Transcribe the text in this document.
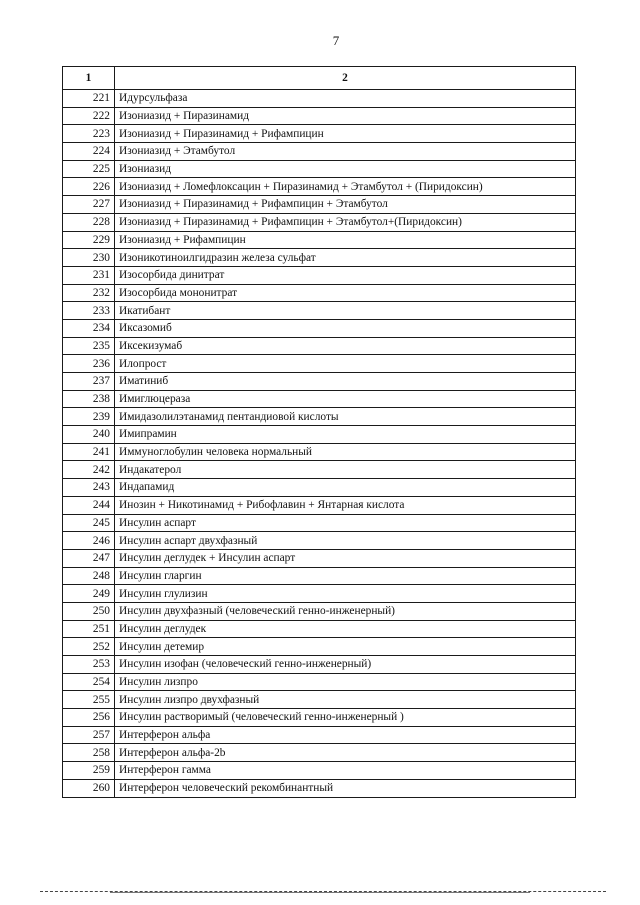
7
1	2
221	Идурсульфаза
222	Изониазид + Пиразинамид
223	Изониазид + Пиразинамид + Рифампицин
224	Изониазид + Этамбутол
225	Изониазид
226	Изониазид + Ломефлоксацин + Пиразинамид + Этамбутол + (Пиридоксин)
227	Изониазид + Пиразинамид + Рифампицин + Этамбутол
228	Изониазид + Пиразинамид + Рифампицин + Этамбутол+(Пиридоксин)
229	Изониазид + Рифампицин
230	Изоникотиноилгидразин железа сульфат
231	Изосорбида динитрат
232	Изосорбида мононитрат
233	Икатибант
234	Иксазомиб
235	Иксекизумаб
236	Илопрост
237	Иматиниб
238	Имиглюцераза
239	Имидазолилэтанамид пентандиовой кислоты
240	Имипрамин
241	Иммуноглобулин человека нормальный
242	Индакатерол
243	Индапамид
244	Инозин + Никотинамид + Рибофлавин + Янтарная кислота
245	Инсулин аспарт
246	Инсулин аспарт двухфазный
247	Инсулин деглудек + Инсулин аспарт
248	Инсулин гларгин
249	Инсулин глулизин
250	Инсулин двухфазный (человеческий генно-инженерный)
251	Инсулин деглудек
252	Инсулин детемир
253	Инсулин изофан (человеческий генно-инженерный)
254	Инсулин лизпро
255	Инсулин лизпро двухфазный
256	Инсулин растворимый (человеческий генно-инженерный )
257	Интерферон альфа
258	Интерферон альфа-2b
259	Интерферон гамма
260	Интерферон человеческий рекомбинантный
